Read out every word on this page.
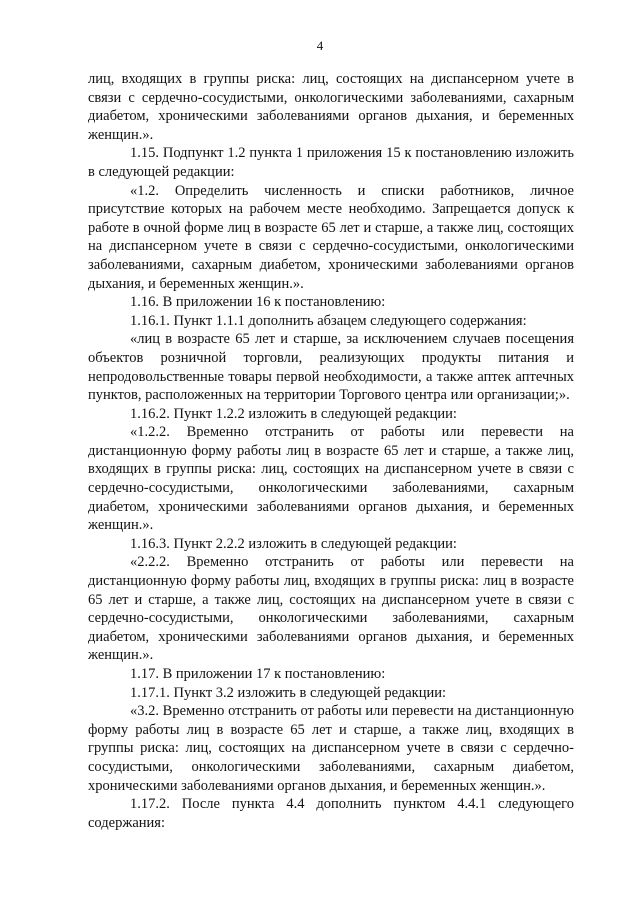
4

лиц, входящих в группы риска: лиц, состоящих на диспансерном учете в связи с сердечно-сосудистыми, онкологическими заболеваниями, сахарным диабетом, хроническими заболеваниями органов дыхания, и беременных женщин.».

1.15. Подпункт 1.2 пункта 1 приложения 15 к постановлению изложить в следующей редакции:

«1.2. Определить численность и списки работников, личное присутствие которых на рабочем месте необходимо. Запрещается допуск к работе в очной форме лиц в возрасте 65 лет и старше, а также лиц, состоящих на диспансерном учете в связи с сердечно-сосудистыми, онкологическими заболеваниями, сахарным диабетом, хроническими заболеваниями органов дыхания, и беременных женщин.».

1.16. В приложении 16 к постановлению:

1.16.1. Пункт 1.1.1 дополнить абзацем следующего содержания:

«лиц в возрасте 65 лет и старше, за исключением случаев посещения объектов розничной торговли, реализующих продукты питания и непродовольственные товары первой необходимости, а также аптек аптечных пунктов, расположенных на территории Торгового центра или организации;».

1.16.2. Пункт 1.2.2 изложить в следующей редакции:

«1.2.2. Временно отстранить от работы или перевести на дистанционную форму работы лиц в возрасте 65 лет и старше, а также лиц, входящих в группы риска: лиц, состоящих на диспансерном учете в связи с сердечно-сосудистыми, онкологическими заболеваниями, сахарным диабетом, хроническими заболеваниями органов дыхания, и беременных женщин.».

1.16.3. Пункт 2.2.2 изложить в следующей редакции:

«2.2.2. Временно отстранить от работы или перевести на дистанционную форму работы лиц, входящих в группы риска: лиц в возрасте 65 лет и старше, а также лиц, состоящих на диспансерном учете в связи с сердечно-сосудистыми, онкологическими заболеваниями, сахарным диабетом, хроническими заболеваниями органов дыхания, и беременных женщин.».

1.17. В приложении 17 к постановлению:

1.17.1. Пункт 3.2 изложить в следующей редакции:

«3.2. Временно отстранить от работы или перевести на дистанционную форму работы лиц в возрасте 65 лет и старше, а также лиц, входящих в группы риска: лиц, состоящих на диспансерном учете в связи с сердечно-сосудистыми, онкологическими заболеваниями, сахарным диабетом, хроническими заболеваниями органов дыхания, и беременных женщин.».

1.17.2. После пункта 4.4 дополнить пунктом 4.4.1 следующего содержания:
